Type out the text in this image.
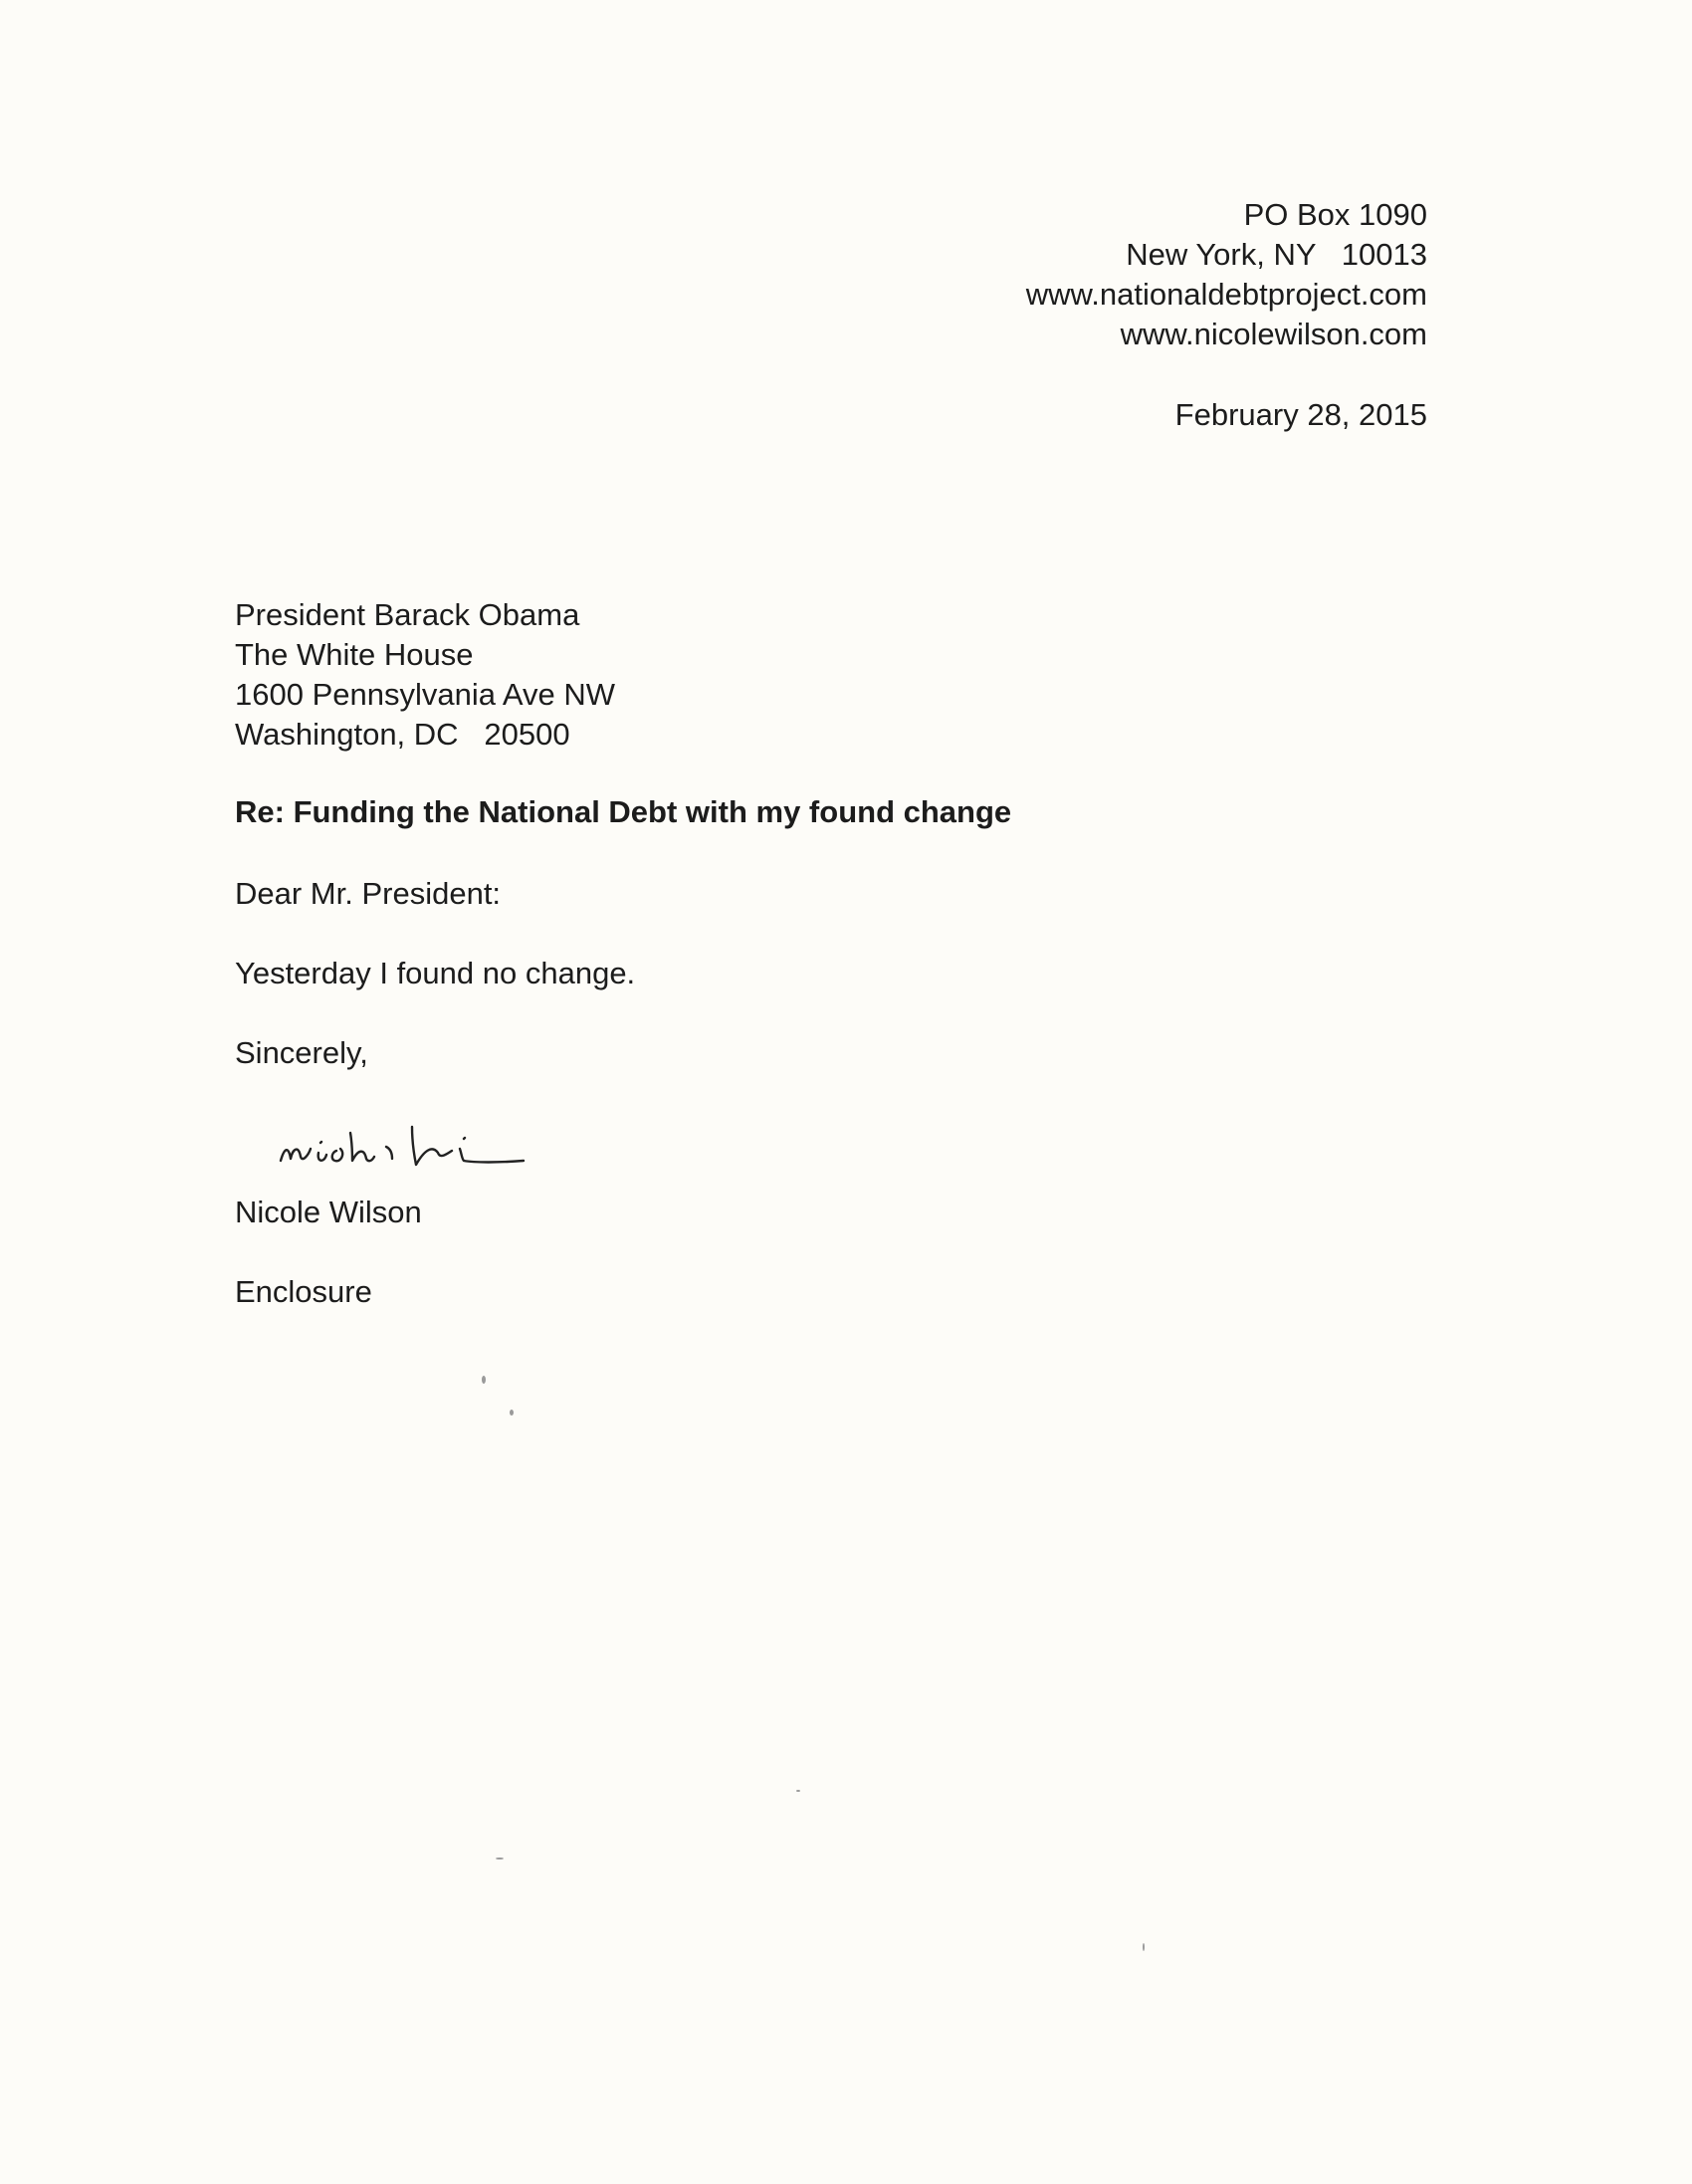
PO Box 1090
New York, NY   10013
www.nationaldebtproject.com
www.nicolewilson.com
February 28, 2015
President Barack Obama
The White House
1600 Pennsylvania Ave NW
Washington, DC   20500
Re: Funding the National Debt with my found change
Dear Mr. President:
Yesterday I found no change.
Sincerely,
Nicole Wilson
Enclosure
